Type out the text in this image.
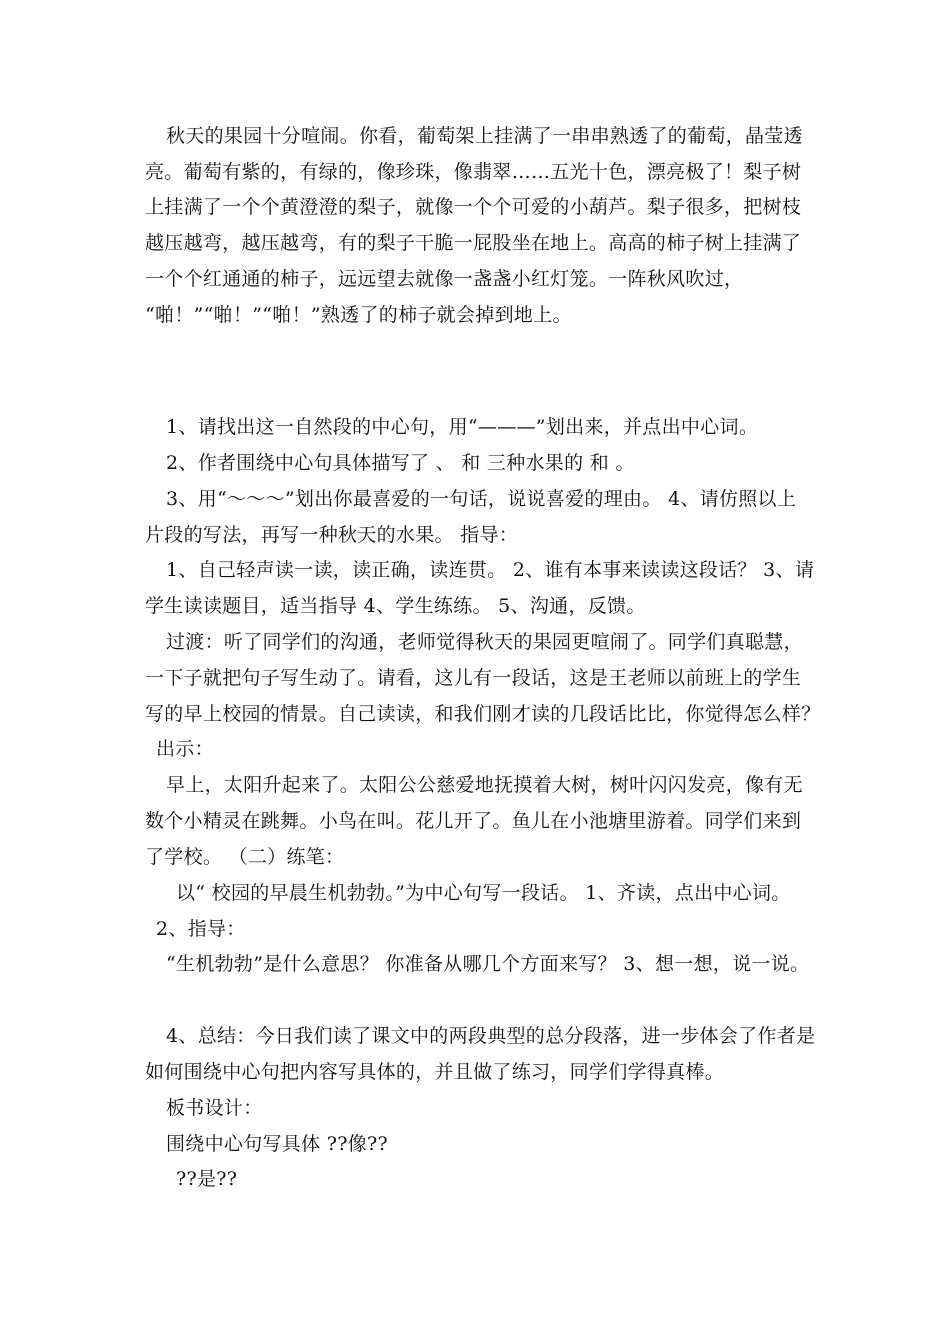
秋天的果园十分喧闹。你看，葡萄架上挂满了一串串熟透了的葡萄，晶莹透
亮。葡萄有紫的，有绿的，像珍珠，像翡翠……五光十色，漂亮极了！梨子树
上挂满了一个个黄澄澄的梨子，就像一个个可爱的小葫芦。梨子很多，把树枝
越压越弯，越压越弯，有的梨子干脆一屁股坐在地上。高高的柿子树上挂满了
一个个红通通的柿子，远远望去就像一盏盏小红灯笼。一阵秋风吹过，
“啪！”“啪！”“啪！”熟透了的柿子就会掉到地上。
1、请找出这一自然段的中心句，用“———”划出来，并点出中心词。
2、作者围绕中心句具体描写了 、 和 三种水果的 和 。
3、用“～～～”划出你最喜爱的一句话，说说喜爱的理由。 4、请仿照以上
片段的写法，再写一种秋天的水果。 指导：
1、自己轻声读一读，读正确，读连贯。 2、谁有本事来读读这段话？ 3、请
学生读读题目，适当指导 4、学生练练。 5、沟通，反馈。
过渡：听了同学们的沟通，老师觉得秋天的果园更喧闹了。同学们真聪慧，
一下子就把句子写生动了。请看，这儿有一段话，这是王老师以前班上的学生
写的早上校园的情景。自己读读，和我们刚才读的几段话比比，你觉得怎么样？
出示：
早上，太阳升起来了。太阳公公慈爱地抚摸着大树，树叶闪闪发亮，像有无
数个小精灵在跳舞。小鸟在叫。花儿开了。鱼儿在小池塘里游着。同学们来到
了学校。 （二）练笔：
以“ 校园的早晨生机勃勃。”为中心句写一段话。 1、齐读，点出中心词。
2、指导：
“生机勃勃”是什么意思？ 你准备从哪几个方面来写？ 3、想一想，说一说。
4、总结：今日我们读了课文中的两段典型的总分段落，进一步体会了作者是
如何围绕中心句把内容写具体的，并且做了练习，同学们学得真棒。
板书设计：
围绕中心句写具体 ??像??
??是??
